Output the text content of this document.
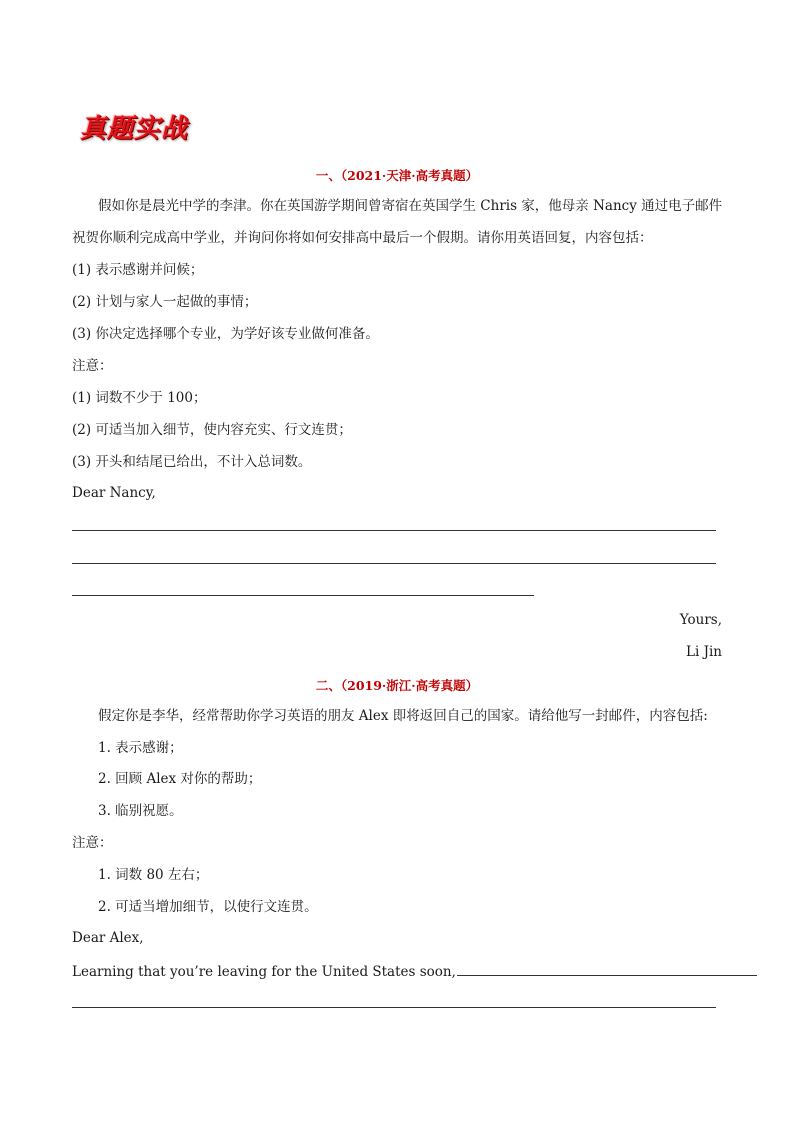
真题实战
一、（2021·天津·高考真题）
假如你是晨光中学的李津。你在英国游学期间曾寄宿在英国学生 Chris 家，他母亲 Nancy 通过电子邮件
祝贺你顺利完成高中学业，并询问你将如何安排高中最后一个假期。请你用英语回复，内容包括：
(1) 表示感谢并问候；
(2) 计划与家人一起做的事情；
(3) 你决定选择哪个专业，为学好该专业做何准备。
注意：
(1) 词数不少于 100；
(2) 可适当加入细节，使内容充实、行文连贯；
(3) 开头和结尾已给出，不计入总词数。
Dear Nancy,
Yours,
Li Jin
二、（2019·浙江·高考真题）
假定你是李华，经常帮助你学习英语的朋友 Alex 即将返回自己的国家。请给他写一封邮件，内容包括:
1. 表示感谢；
2. 回顾 Alex 对你的帮助；
3. 临别祝愿。
注意：
1. 词数 80 左右；
2. 可适当增加细节，以使行文连贯。
Dear Alex,
Learning that you’re leaving for the United States soon,
